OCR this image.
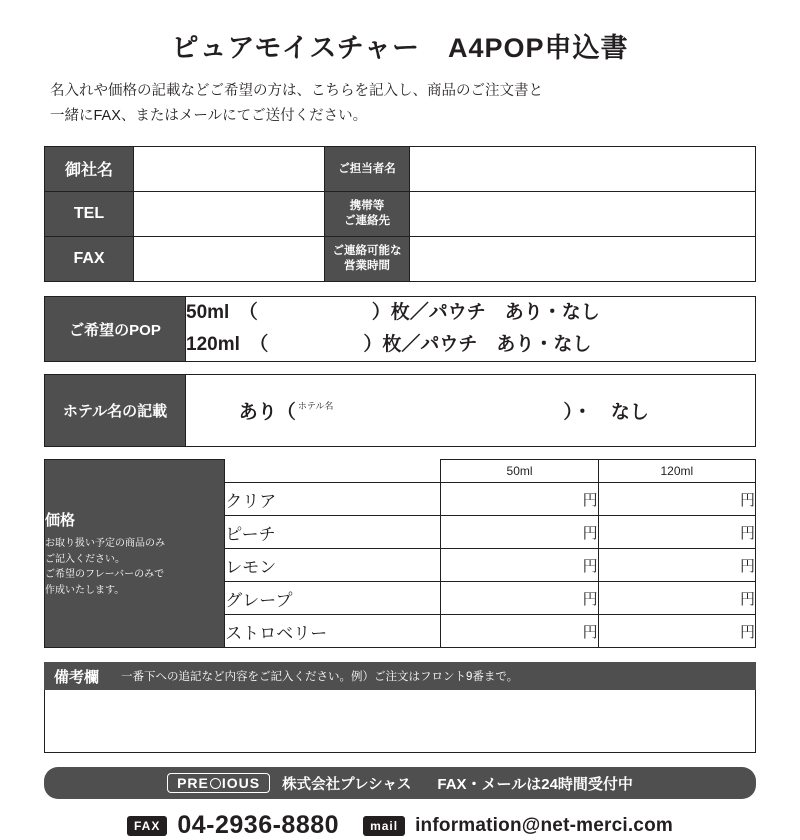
ピュアモイスチャー　A4POP申込書
名入れや価格の記載などご希望の方は、こちらを記入し、商品のご注文書と
一緒にFAX、またはメールにてご送付ください。
御社名		ご担当者名	

TEL		携帯等
ご連絡先	

FAX		ご連絡可能な
営業時間	

ご希望のPOP	
50ml　（　　　　　　）枚／パウチ　あり・なし
120ml　（　　　　　）枚／パウチ　あり・なし
ホテル名の記載	あり（ $^{ホテル名}$	）・　なし

価格
お取り扱い予定の商品のみ
ご記入ください。
ご希望のフレーバーのみで
作成いたします。		50ml	120ml
	クリア	円	円
	ピーチ	円	円
	レモン	円	円
	グレープ	円	円
	ストロベリー	円	円
備考欄 一番下への追記など内容をご記入ください。例）ご注文はフロント9番まで。
PRE IOUS	株式会社プレシャス FAX・メールは24時間受付中
FAX 04-2936-8880	mail information@net-merci.com
